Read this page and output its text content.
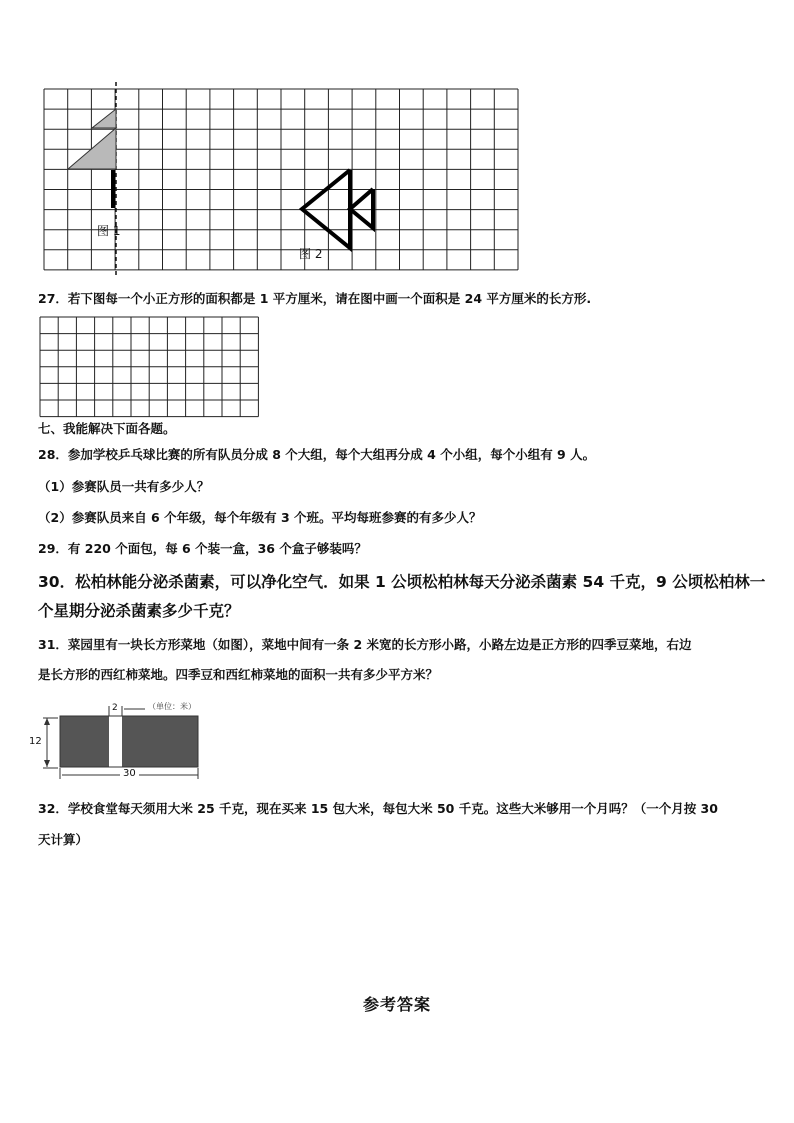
图 1
图 2
27．若下图每一个小正方形的面积都是 1 平方厘米，请在图中画一个面积是 24 平方厘米的长方形.
七、我能解决下面各题。
28．参加学校乒乓球比赛的所有队员分成 8 个大组，每个大组再分成 4 个小组，每个小组有 9 人。
（1）参赛队员一共有多少人？
（2）参赛队员来自 6 个年级，每个年级有 3 个班。平均每班参赛的有多少人？
29．有 220 个面包，每 6 个装一盒，36 个盒子够装吗？
30．松柏林能分泌杀菌素，可以净化空气．如果 1 公顷松柏林每天分泌杀菌素 54 千克，9 公顷松柏林一
个星期分泌杀菌素多少千克？
31．菜园里有一块长方形菜地（如图），菜地中间有一条 2 米宽的长方形小路，小路左边是正方形的四季豆菜地，右边
是长方形的西红柿菜地。四季豆和西红柿菜地的面积一共有多少平方米？
2	（单位：米）
12
30
32．学校食堂每天须用大米 25 千克，现在买来 15 包大米，每包大米 50 千克。这些大米够用一个月吗？（一个月按 30
天计算）
参考答案
